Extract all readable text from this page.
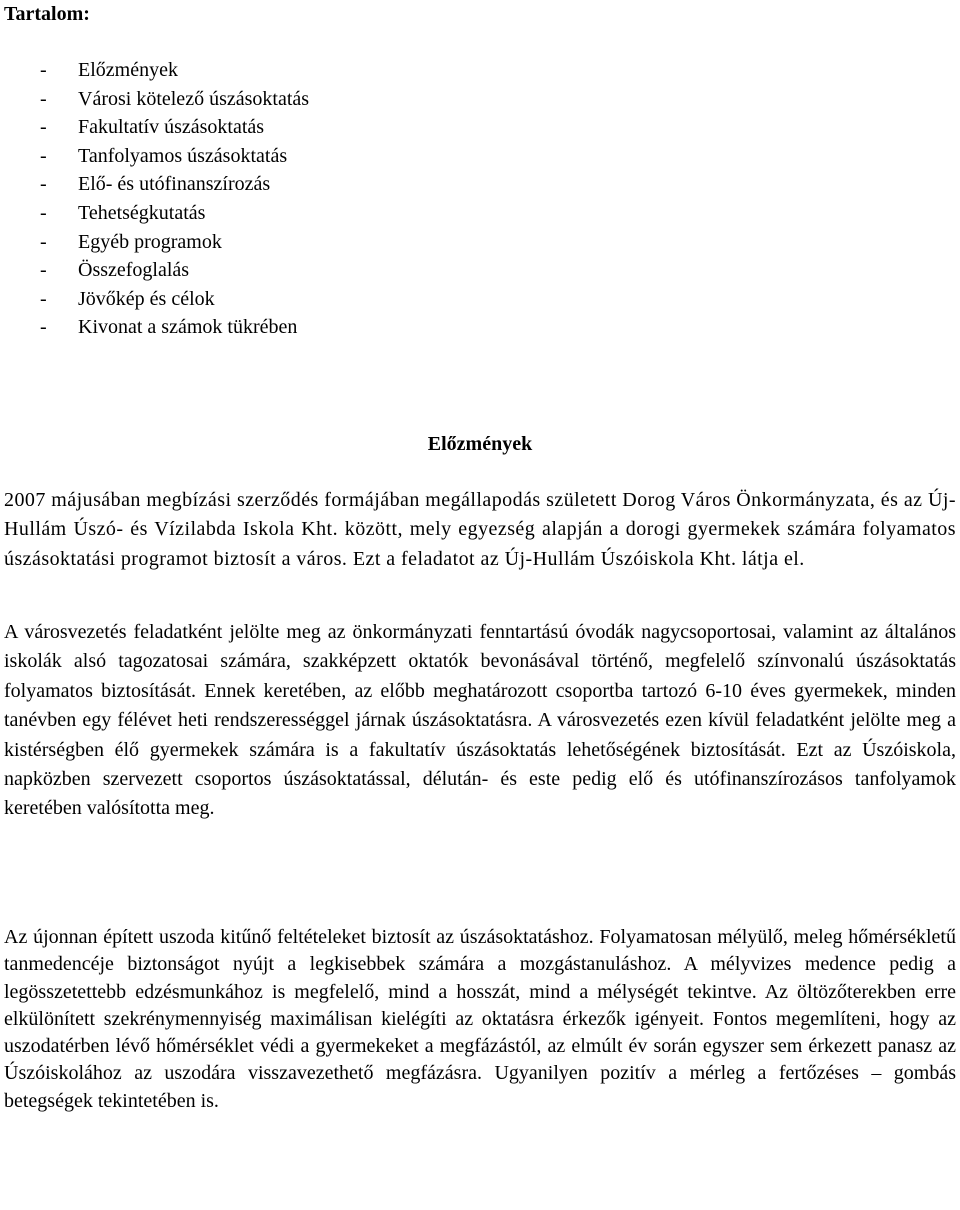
Tartalom:
- Előzmények
- Városi kötelező úszásoktatás
- Fakultatív úszásoktatás
- Tanfolyamos úszásoktatás
- Elő- és utófinanszírozás
- Tehetségkutatás
- Egyéb programok
- Összefoglalás
- Jövőkép és célok
- Kivonat a számok tükrében
Előzmények

2007 májusában megbízási szerződés formájában megállapodás született Dorog Város Önkormányzata, és az Új-Hullám Úszó- és Vízilabda Iskola Kht. között, mely egyezség alapján a dorogi gyermekek számára folyamatos úszásoktatási programot biztosít a város. Ezt a feladatot az Új-Hullám Úszóiskola Kht. látja el.

A városvezetés feladatként jelölte meg az önkormányzati fenntartású óvodák nagycsoportosai, valamint az általános iskolák alsó tagozatosai számára, szakképzett oktatók bevonásával történő, megfelelő színvonalú úszásoktatás folyamatos biztosítását. Ennek keretében, az előbb meghatározott csoportba tartozó 6-10 éves gyermekek, minden tanévben egy félévet heti rendszerességgel járnak úszásoktatásra. A városvezetés ezen kívül feladatként jelölte meg a kistérségben élő gyermekek számára is a fakultatív úszásoktatás lehetőségének biztosítását. Ezt az Úszóiskola, napközben szervezett csoportos úszásoktatással, délután- és este pedig elő és utófinanszírozásos tanfolyamok keretében valósította meg.

Az újonnan épített uszoda kitűnő feltételeket biztosít az úszásoktatáshoz. Folyamatosan mélyülő, meleg hőmérsékletű tanmedencéje biztonságot nyújt a legkisebbek számára a mozgástanuláshoz. A mélyvizes medence pedig a legösszetettebb edzésmunkához is megfelelő, mind a hosszát, mind a mélységét tekintve. Az öltözőterekben erre elkülönített szekrénymennyiség maximálisan kielégíti az oktatásra érkezők igényeit. Fontos megemlíteni, hogy az uszodatérben lévő hőmérséklet védi a gyermekeket a megfázástól, az elmúlt év során egyszer sem érkezett panasz az Úszóiskolához az uszodára visszavezethető megfázásra. Ugyanilyen pozitív a mérleg a fertőzéses – gombás betegségek tekintetében is.
